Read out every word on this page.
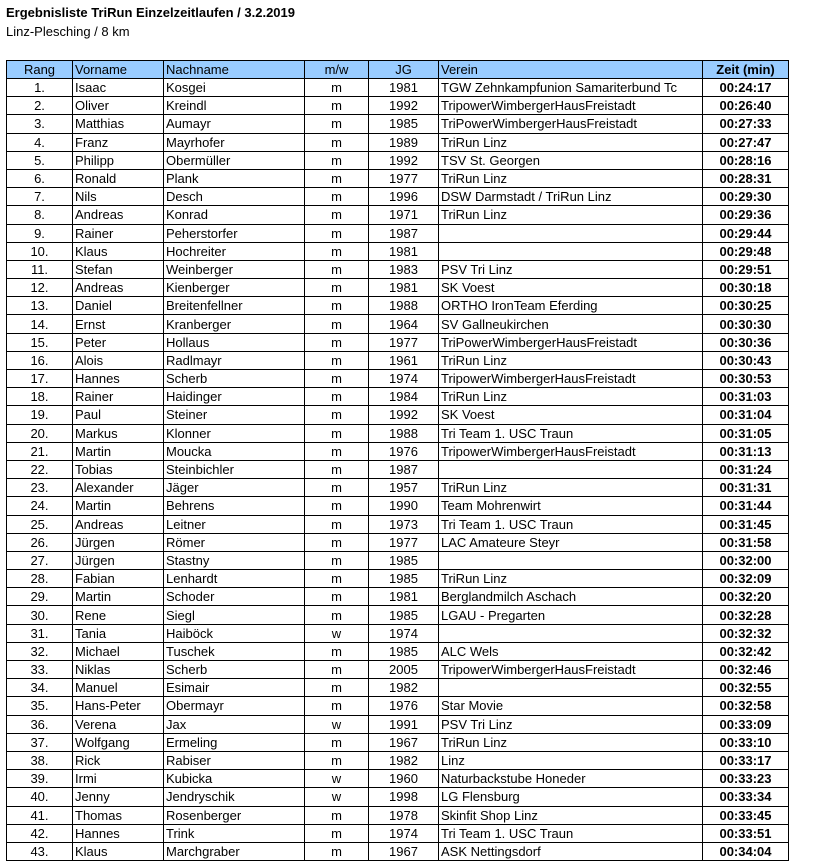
Ergebnisliste TriRun Einzelzeitlaufen / 3.2.2019
Linz-Plesching / 8 km
Rang	Vorname	Nachname	m/w	JG	Verein	Zeit (min)
1.	Isaac	Kosgei	m	1981	TGW Zehnkampfunion Samariterbund Tc	00:24:17
2.	Oliver	Kreindl	m	1992	TripowerWimbergerHausFreistadt	00:26:40
3.	Matthias	Aumayr	m	1985	TriPowerWimbergerHausFreistadt	00:27:33
4.	Franz	Mayrhofer	m	1989	TriRun Linz	00:27:47
5.	Philipp	Obermüller	m	1992	TSV St. Georgen	00:28:16
6.	Ronald	Plank	m	1977	TriRun Linz	00:28:31
7.	Nils	Desch	m	1996	DSW Darmstadt / TriRun Linz	00:29:30
8.	Andreas	Konrad	m	1971	TriRun Linz	00:29:36
9.	Rainer	Peherstorfer	m	1987		00:29:44
10.	Klaus	Hochreiter	m	1981		00:29:48
11.	Stefan	Weinberger	m	1983	PSV Tri Linz	00:29:51
12.	Andreas	Kienberger	m	1981	SK Voest	00:30:18
13.	Daniel	Breitenfellner	m	1988	ORTHO IronTeam Eferding	00:30:25
14.	Ernst	Kranberger	m	1964	SV Gallneukirchen	00:30:30
15.	Peter	Hollaus	m	1977	TriPowerWimbergerHausFreistadt	00:30:36
16.	Alois	Radlmayr	m	1961	TriRun Linz	00:30:43
17.	Hannes	Scherb	m	1974	TripowerWimbergerHausFreistadt	00:30:53
18.	Rainer	Haidinger	m	1984	TriRun Linz	00:31:03
19.	Paul	Steiner	m	1992	SK Voest	00:31:04
20.	Markus	Klonner	m	1988	Tri Team 1. USC Traun	00:31:05
21.	Martin	Moucka	m	1976	TripowerWimbergerHausFreistadt	00:31:13
22.	Tobias	Steinbichler	m	1987		00:31:24
23.	Alexander	Jäger	m	1957	TriRun Linz	00:31:31
24.	Martin	Behrens	m	1990	Team Mohrenwirt	00:31:44
25.	Andreas	Leitner	m	1973	Tri Team 1. USC Traun	00:31:45
26.	Jürgen	Römer	m	1977	LAC Amateure Steyr	00:31:58
27.	Jürgen	Stastny	m	1985		00:32:00
28.	Fabian	Lenhardt	m	1985	TriRun Linz	00:32:09
29.	Martin	Schoder	m	1981	Berglandmilch Aschach	00:32:20
30.	Rene	Siegl	m	1985	LGAU - Pregarten	00:32:28
31.	Tania	Haiböck	w	1974		00:32:32
32.	Michael	Tuschek	m	1985	ALC Wels	00:32:42
33.	Niklas	Scherb	m	2005	TripowerWimbergerHausFreistadt	00:32:46
34.	Manuel	Esimair	m	1982		00:32:55
35.	Hans-Peter	Obermayr	m	1976	Star Movie	00:32:58
36.	Verena	Jax	w	1991	PSV Tri Linz	00:33:09
37.	Wolfgang	Ermeling	m	1967	TriRun Linz	00:33:10
38.	Rick	Rabiser	m	1982	Linz	00:33:17
39.	Irmi	Kubicka	w	1960	Naturbackstube Honeder	00:33:23
40.	Jenny	Jendryschik	w	1998	LG Flensburg	00:33:34
41.	Thomas	Rosenberger	m	1978	Skinfit Shop Linz	00:33:45
42.	Hannes	Trink	m	1974	Tri Team 1. USC Traun	00:33:51
43.	Klaus	Marchgraber	m	1967	ASK Nettingsdorf	00:34:04
